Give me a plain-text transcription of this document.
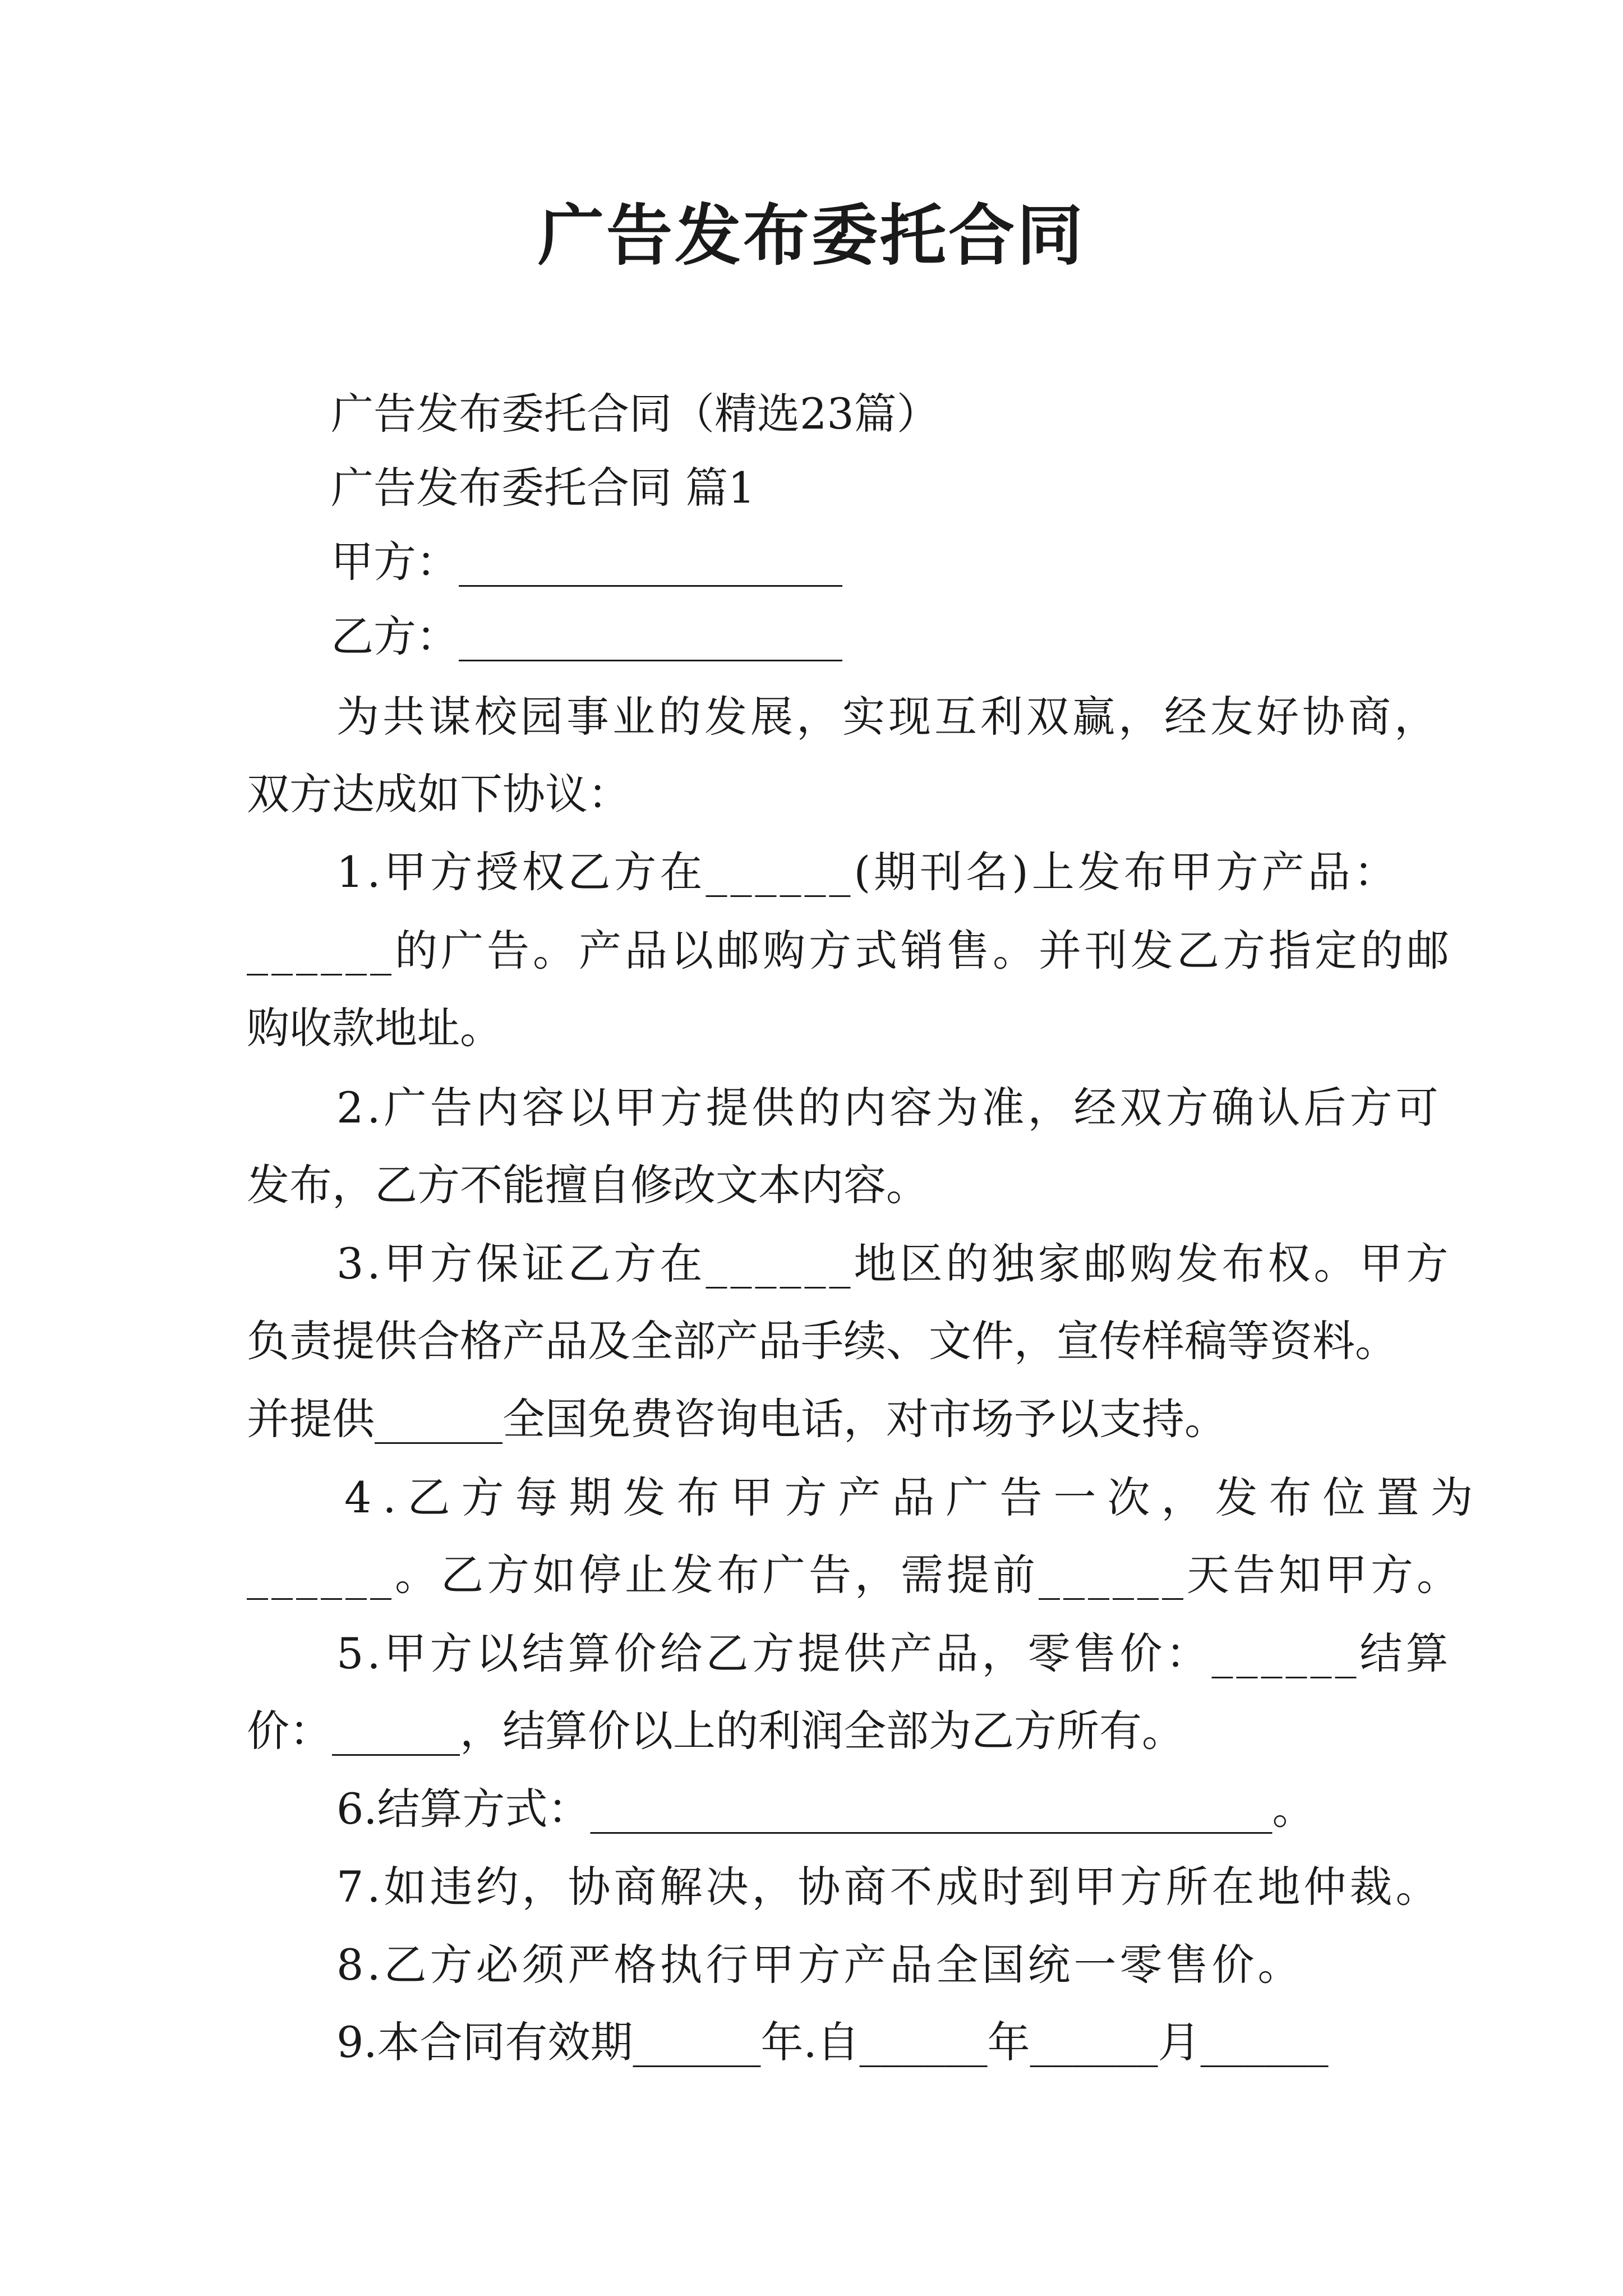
广告发布委托合同

广告发布委托合同（精选23篇）

广告发布委托合同 篇1

甲方：__________________

乙方：__________________

为共谋校园事业的发展，实现互利双赢，经友好协商，

双方达成如下协议：

1.甲方授权乙方在______(期刊名)上发布甲方产品：

______的广告。产品以邮购方式销售。并刊发乙方指定的邮

购收款地址。

2.广告内容以甲方提供的内容为准，经双方确认后方可

发布，乙方不能擅自修改文本内容。

3.甲方保证乙方在______地区的独家邮购发布权。甲方

负责提供合格产品及全部产品手续、文件，宣传样稿等资料。

并提供______全国免费咨询电话，对市场予以支持。

4.乙方每期发布甲方产品广告一次，发布位置为

______。乙方如停止发布广告，需提前______天告知甲方。

5.甲方以结算价给乙方提供产品，零售价：______结算

价：______，结算价以上的利润全部为乙方所有。

6.结算方式：________________________________。

7.如违约，协商解决，协商不成时到甲方所在地仲裁。

8.乙方必须严格执行甲方产品全国统一零售价。

9.本合同有效期______年.自______年______月______
